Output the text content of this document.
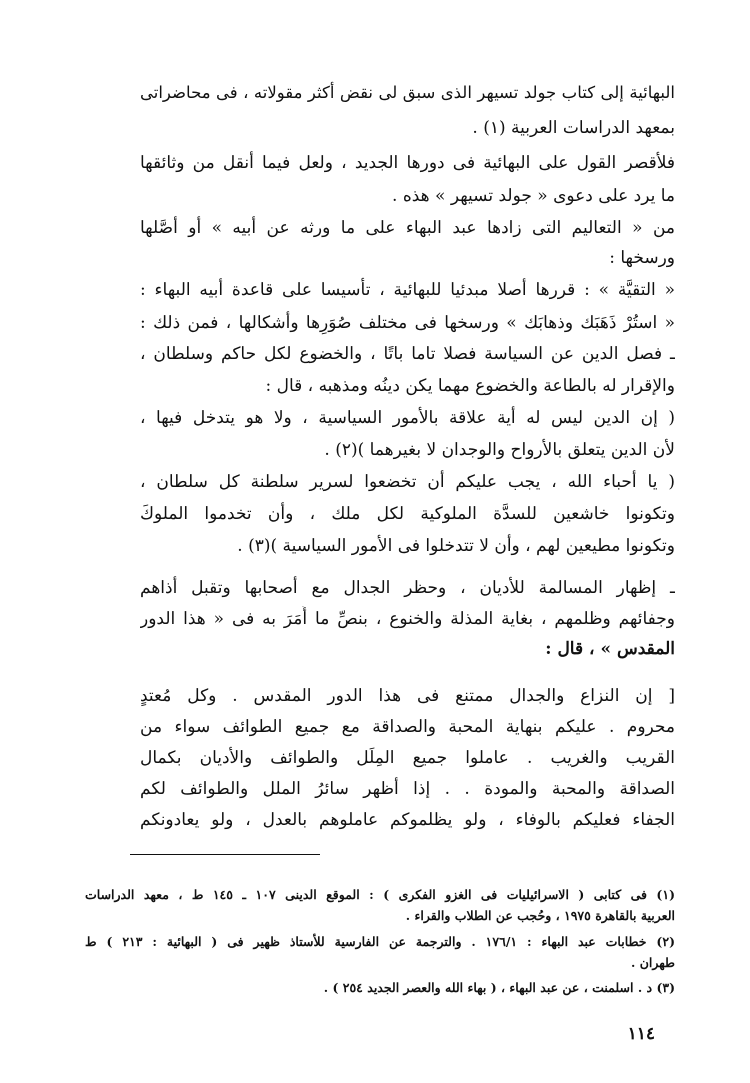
البهائية إلى كتاب جولد تسيهر الذى سبق لى نقض أكثر مقولاته ، فى محاضراتى
بمعهد الدراسات العربية (١) .
فلأقصر القول على البهائية فى دورها الجديد ، ولعل فيما أنقل من وثائقها
ما يرد على دعوى « جولد تسيهر » هذه .
من « التعاليم التى زادها عبد البهاء على ما ورثه عن أبيه » أو أصَّلها
ورسخها :
« التقيَّة » : قررها أصلا مبدئيا للبهائية ، تأسيسا على قاعدة أبيه البهاء :
« استُرْ ذَهَبَك وذهابَك » ورسخها فى مختلف صُوَرِها وأشكالها ، فمن ذلك :
ـ فصل الدين عن السياسة فصلا تاما باتًا ، والخضوع لكل حاكم وسلطان ،
والإقرار له بالطاعة والخضوع مهما يكن دينُه ومذهبه ، قال :
( إن الدين ليس له أية علاقة بالأمور السياسية ، ولا هو يتدخل فيها ،
لأن الدين يتعلق بالأرواح والوجدان لا بغيرهما )(٢) .
( يا أحباء الله ، يجب عليكم أن تخضعوا لسرير سلطنة كل سلطان ،
وتكونوا خاشعين للسدَّة الملوكية لكل ملك ، وأن تخدموا الملوكَ
وتكونوا مطيعين لهم ، وأن لا تتدخلوا فى الأمور السياسية )(٣) .
ـ إظهار المسالمة للأديان ، وحظر الجدال مع أصحابها وتقبل أذاهم
وجفائهم وظلمهم ، بغاية المذلة والخنوع ، بنصِّ ما أَمَرَ به فى « هذا الدور
المقدس » ، قال :
[ إن النزاع والجدال ممتنع فى هذا الدور المقدس . وكل مُعتدٍ
محروم . عليكم بنهاية المحبة والصداقة مع جميع الطوائف سواء من
القريب والغريب . عاملوا جميع المِلَل والطوائف والأديان بكمال
الصداقة والمحبة والمودة . . إذا أظهر سائرُ الملل والطوائف لكم
الجفاء فعليكم بالوفاء ، ولو يظلموكم عاملوهم بالعدل ، ولو يعادونكم
(١) فى كتابى ( الاسرائيليات فى الغزو الفكرى ) : الموقع الدينى ١٠٧ ـ ١٤٥ ط ، معهد الدراسات
العربية بالقاهرة ١٩٧٥ ، وحُجب عن الطلاب والقراء .
(٢) خطابات عبد البهاء : ١٧٦/١ . والترجمة عن الفارسية للأستاذ ظهير فى ( البهائية : ٢١٣ ) ط
طهران .
(٣) د . اسلمنت ، عن عبد البهاء ، ( بهاء الله والعصر الجديد ٢٥٤ ) .
١١٤
